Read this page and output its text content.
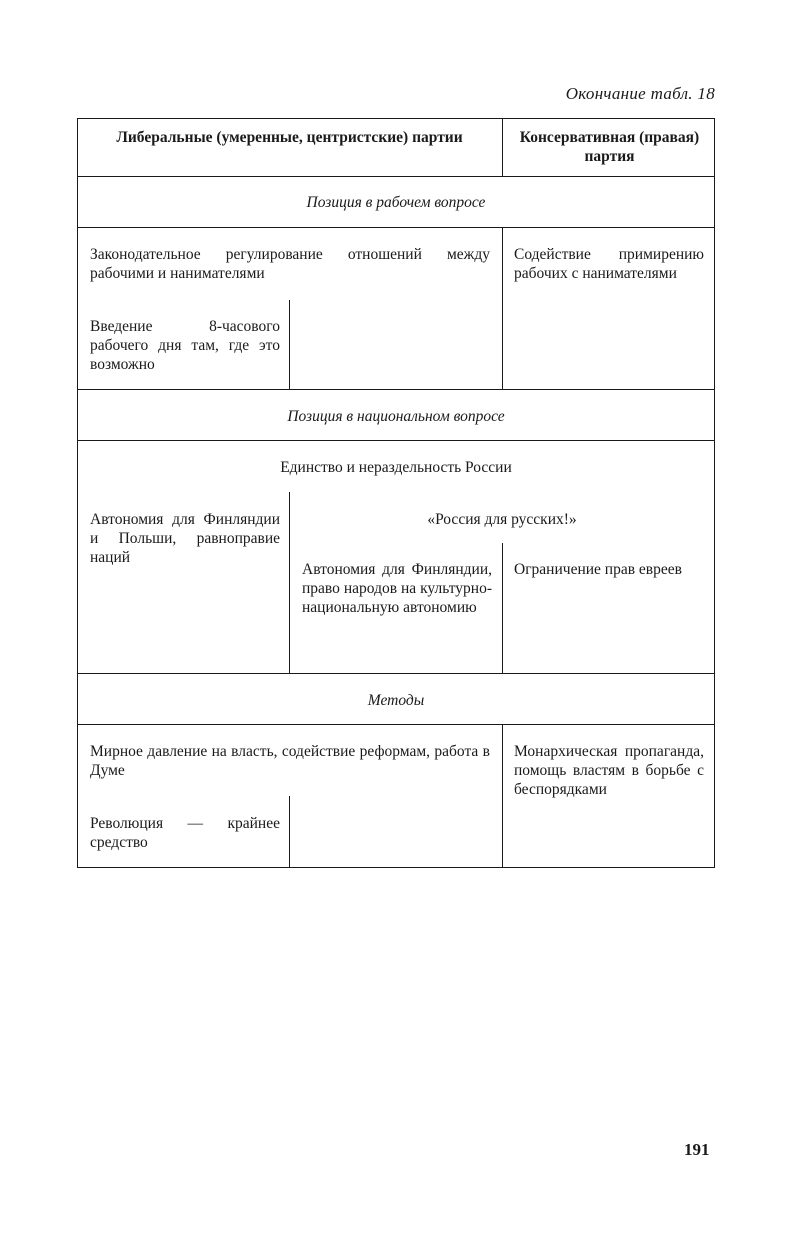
Окончание табл. 18
Либеральные (умеренные, центристские) партии	Консервативная (правая) партия
Позиция в рабочем вопросе
Законодательное регулирование отношений между рабочими и нанимателями
Введение 8-часового рабочего дня там, где это возможно
Содействие примирению рабочих с нанимателями
Позиция в национальном вопросе
Единство и нераздельность России
Автономия для Финляндии и Польши, равноправие наций
«Россия для русских!»
Автономия для Финляндии, право народов на культурно-национальную автономию
Ограничение прав евреев
Методы
Мирное давление на власть, содействие реформам, работа в Думе
Революция — крайнее средство
Монархическая пропаганда, помощь властям в борьбе с беспорядками
191
